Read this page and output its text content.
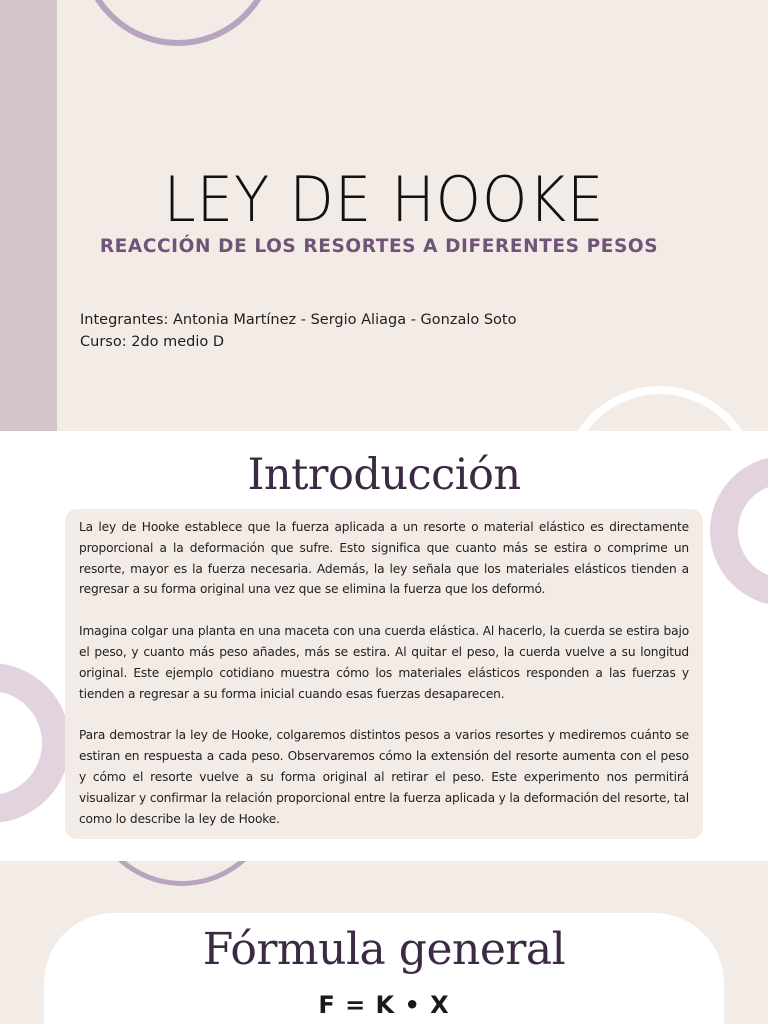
LEY DE HOOKE
REACCIÓN DE LOS RESORTES A DIFERENTES PESOS
Integrantes: Antonia Martínez - Sergio Aliaga - Gonzalo Soto
Curso: 2do medio D
Introducción

La ley de Hooke establece que la fuerza aplicada a un resorte o material elástico es directamente proporcional a la deformación que sufre. Esto significa que cuanto más se estira o comprime un resorte, mayor es la fuerza necesaria. Además, la ley señala que los materiales elásticos tienden a regresar a su forma original una vez que se elimina la fuerza que los deformó.

Imagina colgar una planta en una maceta con una cuerda elástica. Al hacerlo, la cuerda se estira bajo el peso, y cuanto más peso añades, más se estira. Al quitar el peso, la cuerda vuelve a su longitud original. Este ejemplo cotidiano muestra cómo los materiales elásticos responden a las fuerzas y tienden a regresar a su forma inicial cuando esas fuerzas desaparecen.

Para demostrar la ley de Hooke, colgaremos distintos pesos a varios resortes y mediremos cuánto se estiran en respuesta a cada peso. Observaremos cómo la extensión del resorte aumenta con el peso y cómo el resorte vuelve a su forma original al retirar el peso. Este experimento nos permitirá visualizar y confirmar la relación proporcional entre la fuerza aplicada y la deformación del resorte, tal como lo describe la ley de Hooke.

Fórmula general
F = K • X
